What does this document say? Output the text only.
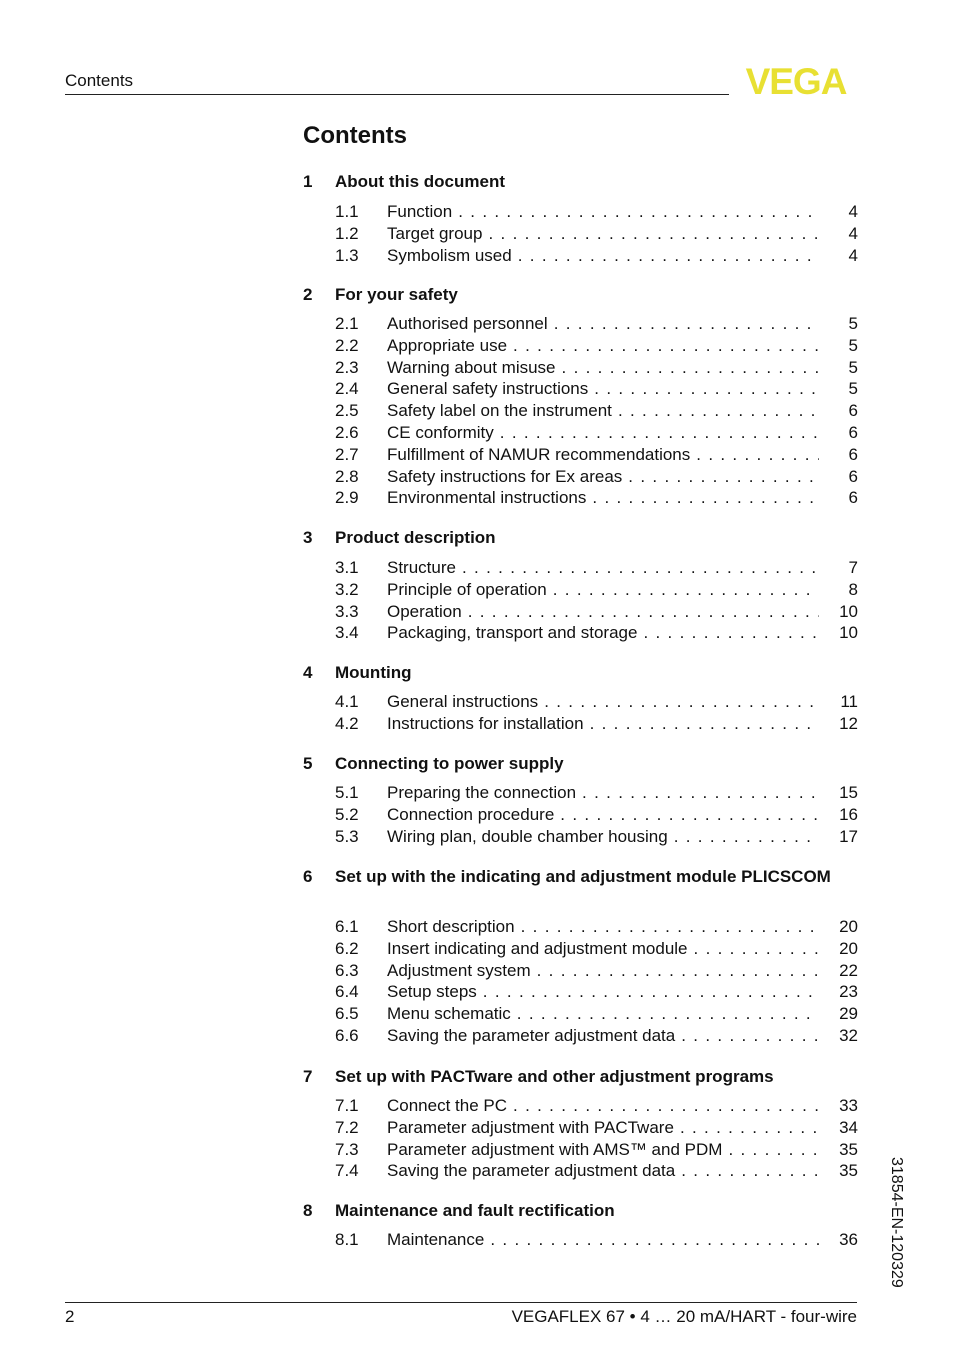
Contents	VEGA
Contents
1 About this document
1.1 Function . . .	4
1.2 Target group . . .	4
1.3 Symbolism used . . .	4
2 For your safety
2.1 Authorised personnel . . .	5
2.2 Appropriate use . . .	5
2.3 Warning about misuse . . .	5
2.4 General safety instructions . . .	5
2.5 Safety label on the instrument . . .	6
2.6 CE conformity . . .	6
2.7 Fulfillment of NAMUR recommendations . . .	6
2.8 Safety instructions for Ex areas . . .	6
2.9 Environmental instructions . . .	6
3 Product description
3.1 Structure . . .	7
3.2 Principle of operation . . .	8
3.3 Operation . . .	10
3.4 Packaging, transport and storage . . .	10
4 Mounting
4.1 General instructions . . .	11
4.2 Instructions for installation . . .	12
5 Connecting to power supply
5.1 Preparing the connection . . .	15
5.2 Connection procedure . . .	16
5.3 Wiring plan, double chamber housing . . .	17
6 Set up with the indicating and adjustment module PLICSCOM
6.1 Short description . . .	20
6.2 Insert indicating and adjustment module . . .	20
6.3 Adjustment system . . .	22
6.4 Setup steps . . .	23
6.5 Menu schematic . . .	29
6.6 Saving the parameter adjustment data . . .	32
7 Set up with PACTware and other adjustment programs
7.1 Connect the PC . . .	33
7.2 Parameter adjustment with PACTware . . .	34
7.3 Parameter adjustment with AMS™ and PDM . . .	35
7.4 Saving the parameter adjustment data . . .	35
8 Maintenance and fault rectification
8.1 Maintenance . . .	36
2	VEGAFLEX 67 • 4 … 20 mA/HART - four-wire
31854-EN-120329
